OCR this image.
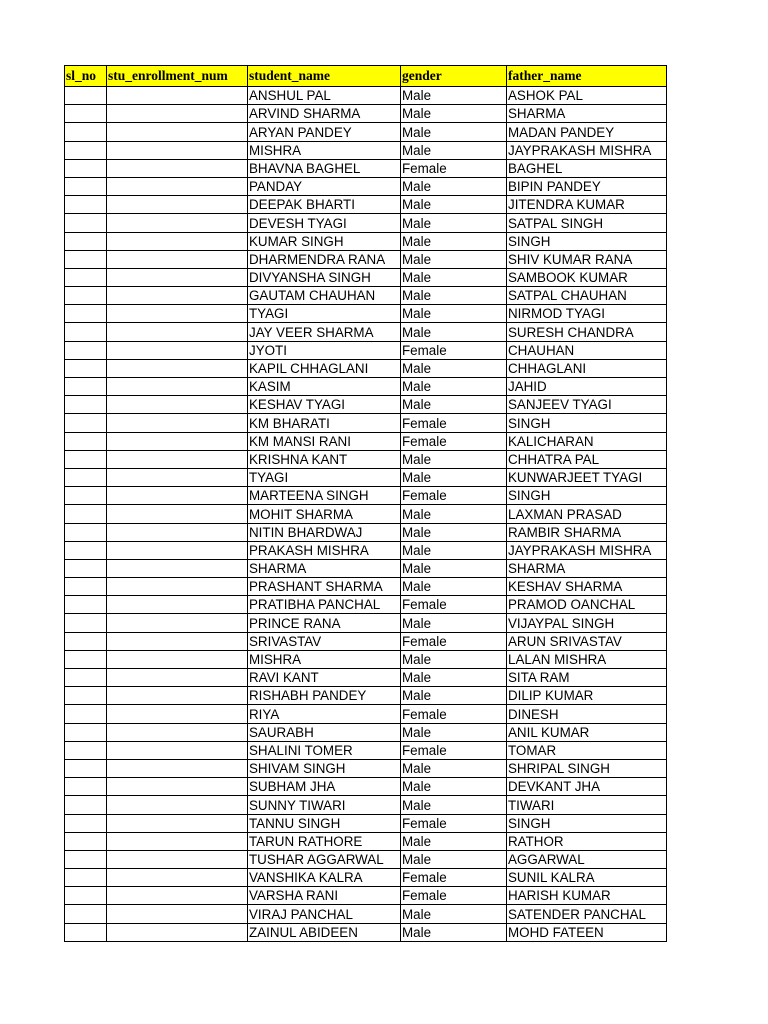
sl_no	stu_enrollment_num	student_name	gender	father_name
		ANSHUL PAL	Male	ASHOK PAL
		ARVIND SHARMA	Male	SHARMA
		ARYAN PANDEY	Male	MADAN PANDEY
		MISHRA	Male	JAYPRAKASH MISHRA
		BHAVNA BAGHEL	Female	BAGHEL
		PANDAY	Male	BIPIN PANDEY
		DEEPAK BHARTI	Male	JITENDRA KUMAR
		DEVESH TYAGI	Male	SATPAL SINGH
		KUMAR SINGH	Male	SINGH
		DHARMENDRA RANA	Male	SHIV KUMAR RANA
		DIVYANSHA SINGH	Male	SAMBOOK KUMAR
		GAUTAM CHAUHAN	Male	SATPAL CHAUHAN
		TYAGI	Male	NIRMOD TYAGI
		JAY VEER SHARMA	Male	SURESH CHANDRA
		JYOTI	Female	CHAUHAN
		KAPIL CHHAGLANI	Male	CHHAGLANI
		KASIM	Male	JAHID
		KESHAV TYAGI	Male	SANJEEV TYAGI
		KM BHARATI	Female	SINGH
		KM MANSI RANI	Female	KALICHARAN
		KRISHNA KANT	Male	CHHATRA PAL
		TYAGI	Male	KUNWARJEET TYAGI
		MARTEENA SINGH	Female	SINGH
		MOHIT SHARMA	Male	LAXMAN PRASAD
		NITIN BHARDWAJ	Male	RAMBIR SHARMA
		PRAKASH MISHRA	Male	JAYPRAKASH MISHRA
		SHARMA	Male	SHARMA
		PRASHANT SHARMA	Male	KESHAV SHARMA
		PRATIBHA PANCHAL	Female	PRAMOD OANCHAL
		PRINCE RANA	Male	VIJAYPAL SINGH
		SRIVASTAV	Female	ARUN SRIVASTAV
		MISHRA	Male	LALAN MISHRA
		RAVI KANT	Male	SITA RAM
		RISHABH PANDEY	Male	DILIP KUMAR
		RIYA	Female	DINESH
		SAURABH	Male	ANIL KUMAR
		SHALINI TOMER	Female	TOMAR
		SHIVAM SINGH	Male	SHRIPAL SINGH
		SUBHAM JHA	Male	DEVKANT JHA
		SUNNY TIWARI	Male	TIWARI
		TANNU SINGH	Female	SINGH
		TARUN RATHORE	Male	RATHOR
		TUSHAR AGGARWAL	Male	AGGARWAL
		VANSHIKA KALRA	Female	SUNIL KALRA
		VARSHA RANI	Female	HARISH KUMAR
		VIRAJ PANCHAL	Male	SATENDER PANCHAL
		ZAINUL ABIDEEN	Male	MOHD FATEEN
